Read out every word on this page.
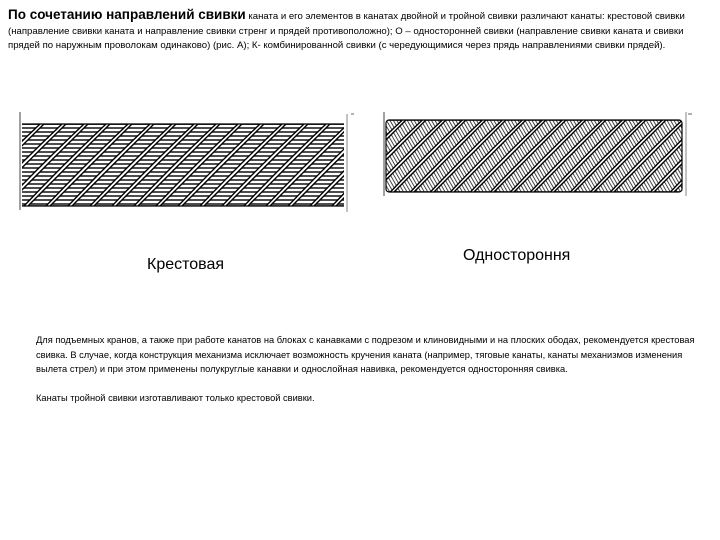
По сочетанию направлений свивки каната и его элементов в канатах двойной и тройной свивки различают канаты: крестовой свивки (направление свивки каната и направление свивки стренг и прядей противоположно); О – односторонней свивки (направление свивки каната и свивки прядей по наружным проволокам одинаково) (рис. А); К- комбинированной свивки (с чередующимися через прядь направлениями свивки прядей).
Крестовая
Одностороння

Для подъемных кранов, а также при работе канатов на блоках с канавками с подрезом и клиновидными и на плоских ободах, рекомендуется крестовая свивка. В случае, когда конструкция механизма исключает возможность кручения каната (например, тяговые канаты, канаты механизмов изменения вылета стрел) и при этом применены полукруглые канавки и однослойная навивка, рекомендуется односторонняя свивка.

Канаты тройной свивки изготавливают только крестовой свивки.
